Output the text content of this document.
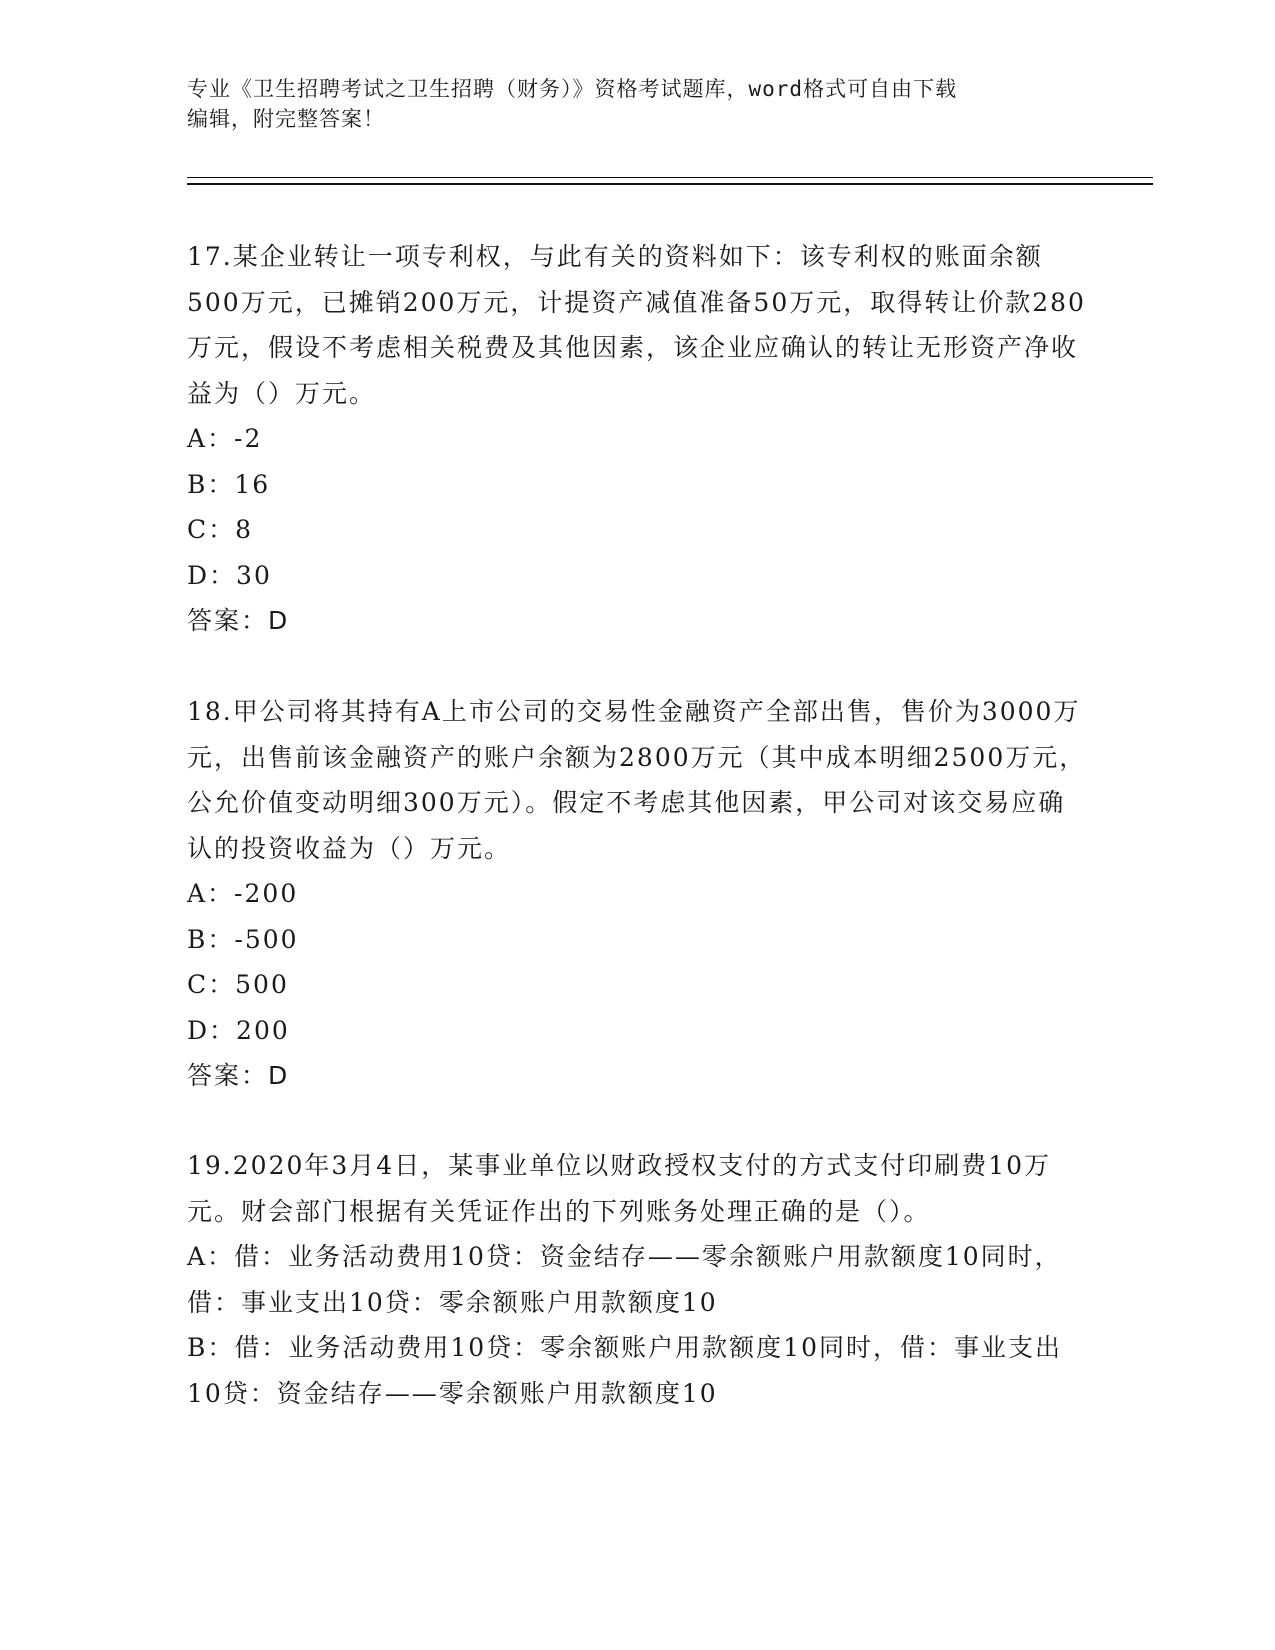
专业《卫生招聘考试之卫生招聘（财务）》资格考试题库，word格式可自由下载
编辑，附完整答案！

17.某企业转让一项专利权，与此有关的资料如下：该专利权的账面余额500万元，已摊销200万元，计提资产减值准备50万元，取得转让价款280万元，假设不考虑相关税费及其他因素，该企业应确认的转让无形资产净收益为（）万元。

A：-2

B：16

C：8

D：30

答案：D

18.甲公司将其持有A上市公司的交易性金融资产全部出售，售价为3000万元，出售前该金融资产的账户余额为2800万元（其中成本明细2500万元，公允价值变动明细300万元）。假定不考虑其他因素，甲公司对该交易应确认的投资收益为（）万元。

A：-200

B：-500

C：500

D：200

答案：D

19.2020年3月4日，某事业单位以财政授权支付的方式支付印刷费10万元。财会部门根据有关凭证作出的下列账务处理正确的是（）。

A：借：业务活动费用10贷：资金结存——零余额账户用款额度10同时，借：事业支出10贷：零余额账户用款额度10

B：借：业务活动费用10贷：零余额账户用款额度10同时，借：事业支出10贷：资金结存——零余额账户用款额度10
